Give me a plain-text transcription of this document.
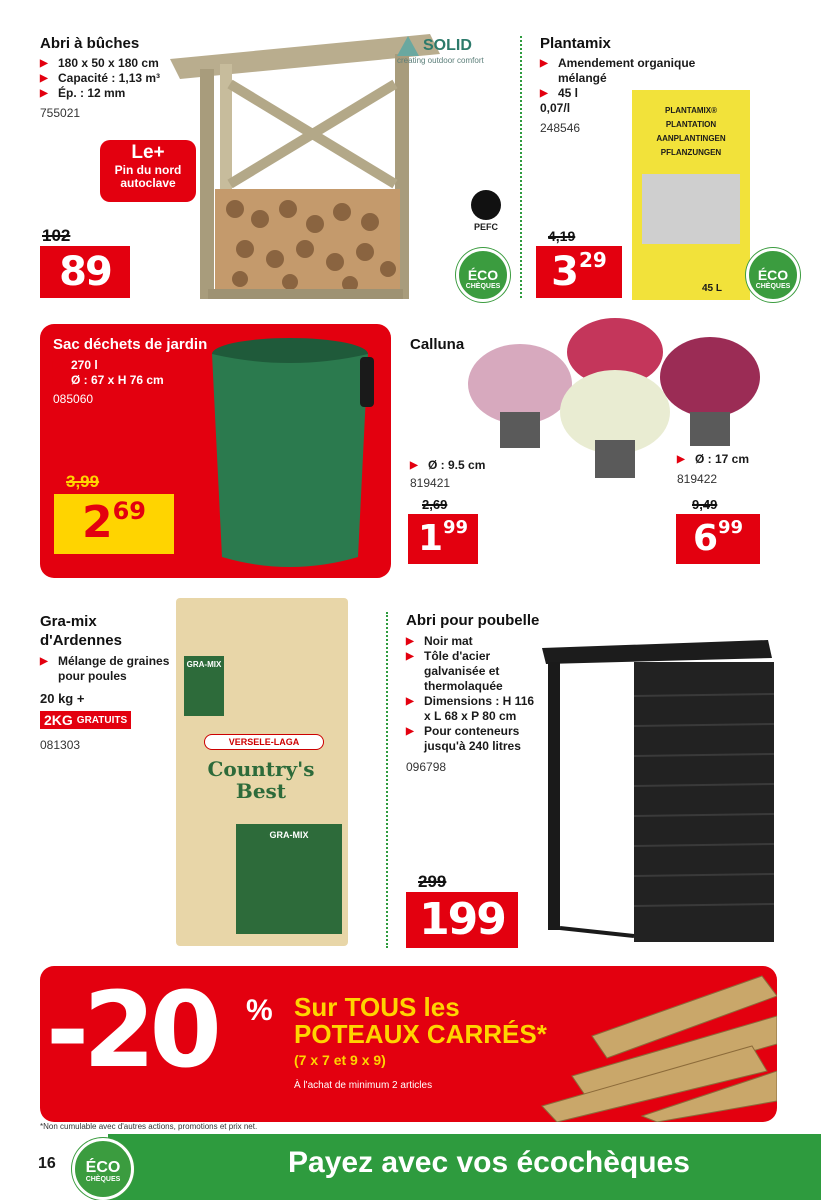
Abri à bûches
▶ 180 x 50 x 180 cm
▶ Capacité : 1,13 m³
▶ Ép. : 12 mm
755021
Le+
Pin du nord autoclave
102
89
SOLID
creating outdoor comfort
PEFC
ÉCO
CHÈQUES
Plantamix
▶ Amendement organique mélangé
▶ 45 l
0,07/l
248546
PLANTAMIX® PLANTATION AANPLANTINGEN PFLANZUNGEN
45 L
ÉCO
CHÈQUES
4,19
3 29
Sac déchets de jardin
▶ 270 l
▶ Ø : 67 x H 76 cm
085060
3,99
2 69
Calluna
▶ Ø : 9.5 cm
819421
2,69
1 99
▶ Ø : 17 cm
819422
9,49
6 99
Gra-mix d'Ardennes
▶ Mélange de graines pour poules
20 kg +
2KG GRATUITS
081303
GRA-MIX
VERSELE-LAGA
Country's Best
GRA-MIX
Abri pour poubelle
▶ Noir mat
▶ Tôle d'acier galvanisée et thermolaquée
▶ Dimensions : H 116 x L 68 x P 80 cm
▶ Pour conteneurs jusqu'à 240 litres
096798
299
199
-20 % Sur TOUS les
POTEAUX CARRÉS*
(7 x 7 et 9 x 9)
À l'achat de minimum 2 articles
*Non cumulable avec d'autres actions, promotions et prix net.
16	Payez avec vos écochèques
ÉCO
CHÈQUES
